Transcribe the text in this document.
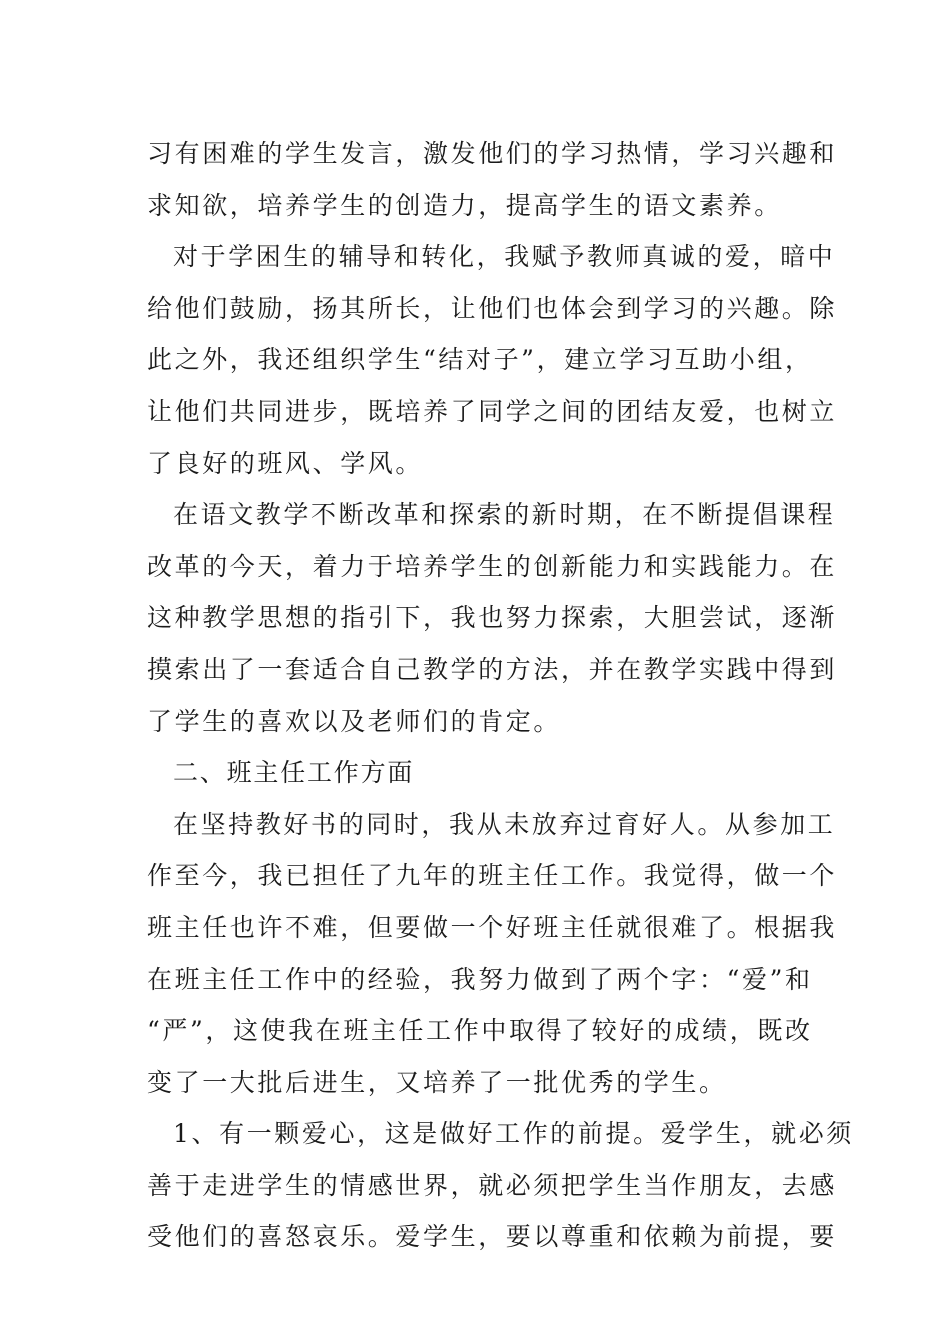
习有困难的学生发言，激发他们的学习热情，学习兴趣和
求知欲，培养学生的创造力，提高学生的语文素养。
对于学困生的辅导和转化，我赋予教师真诚的爱，暗中
给他们鼓励，扬其所长，让他们也体会到学习的兴趣。除
此之外，我还组织学生“结对子”，建立学习互助小组，
让他们共同进步，既培养了同学之间的团结友爱，也树立
了良好的班风、学风。
在语文教学不断改革和探索的新时期，在不断提倡课程
改革的今天，着力于培养学生的创新能力和实践能力。在
这种教学思想的指引下，我也努力探索，大胆尝试，逐渐
摸索出了一套适合自己教学的方法，并在教学实践中得到
了学生的喜欢以及老师们的肯定。
二、班主任工作方面
在坚持教好书的同时，我从未放弃过育好人。从参加工
作至今，我已担任了九年的班主任工作。我觉得，做一个
班主任也许不难，但要做一个好班主任就很难了。根据我
在班主任工作中的经验，我努力做到了两个字：“爱”和
“严”，这使我在班主任工作中取得了较好的成绩，既改
变了一大批后进生，又培养了一批优秀的学生。
1、有一颗爱心，这是做好工作的前提。爱学生，就必须
善于走进学生的情感世界，就必须把学生当作朋友，去感
受他们的喜怒哀乐。爱学生，要以尊重和依赖为前提，要
